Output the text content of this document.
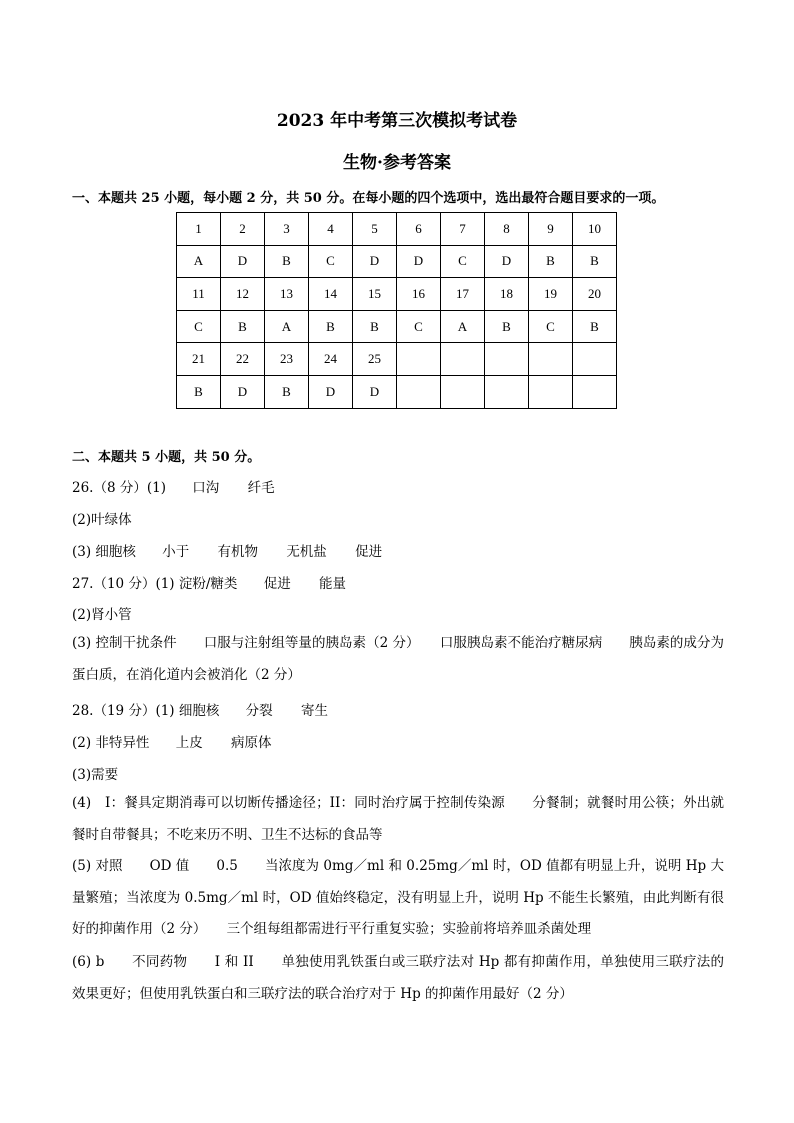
2023 年中考第三次模拟考试卷
生物·参考答案
一、本题共 25 小题，每小题 2 分，共 50 分。在每小题的四个选项中，选出最符合题目要求的一项。
1	2	3	4	5	6	7	8	9	10
A	D	B	C	D	D	C	D	B	B
11	12	13	14	15	16	17	18	19	20
C	B	A	B	B	C	A	B	C	B
21	22	23	24	25					
B	D	B	D	D					
二、本题共 5 小题，共 50 分。
26.（8 分）(1) 口沟 纤毛
(2)叶绿体
(3) 细胞核 小于 有机物 无机盐 促进
27.（10 分）(1) 淀粉/糖类 促进 能量
(2)肾小管
(3) 控制干扰条件　　口服与注射组等量的胰岛素（2 分）　　口服胰岛素不能治疗糖尿病　　胰岛素的成分为蛋白质，在消化道内会被消化（2 分）
28.（19 分）(1) 细胞核 分裂 寄生
(2) 非特异性 上皮 病原体
(3)需要
(4)　I：餐具定期消毒可以切断传播途径；II：同时治疗属于控制传染源　　分餐制；就餐时用公筷；外出就餐时自带餐具；不吃来历不明、卫生不达标的食品等
(5) 对照　　OD 值　　0.5　　当浓度为 0mg／ml 和 0.25mg／ml 时，OD 值都有明显上升，说明 Hp 大量繁殖；当浓度为 0.5mg／ml 时，OD 值始终稳定，没有明显上升，说明 Hp 不能生长繁殖，由此判断有很好的抑菌作用（2 分）　　三个组每组都需进行平行重复实验；实验前将培养皿杀菌处理
(6) b　　不同药物　　I 和 II　　单独使用乳铁蛋白或三联疗法对 Hp 都有抑菌作用，单独使用三联疗法的效果更好；但使用乳铁蛋白和三联疗法的联合治疗对于 Hp 的抑菌作用最好（2 分）
